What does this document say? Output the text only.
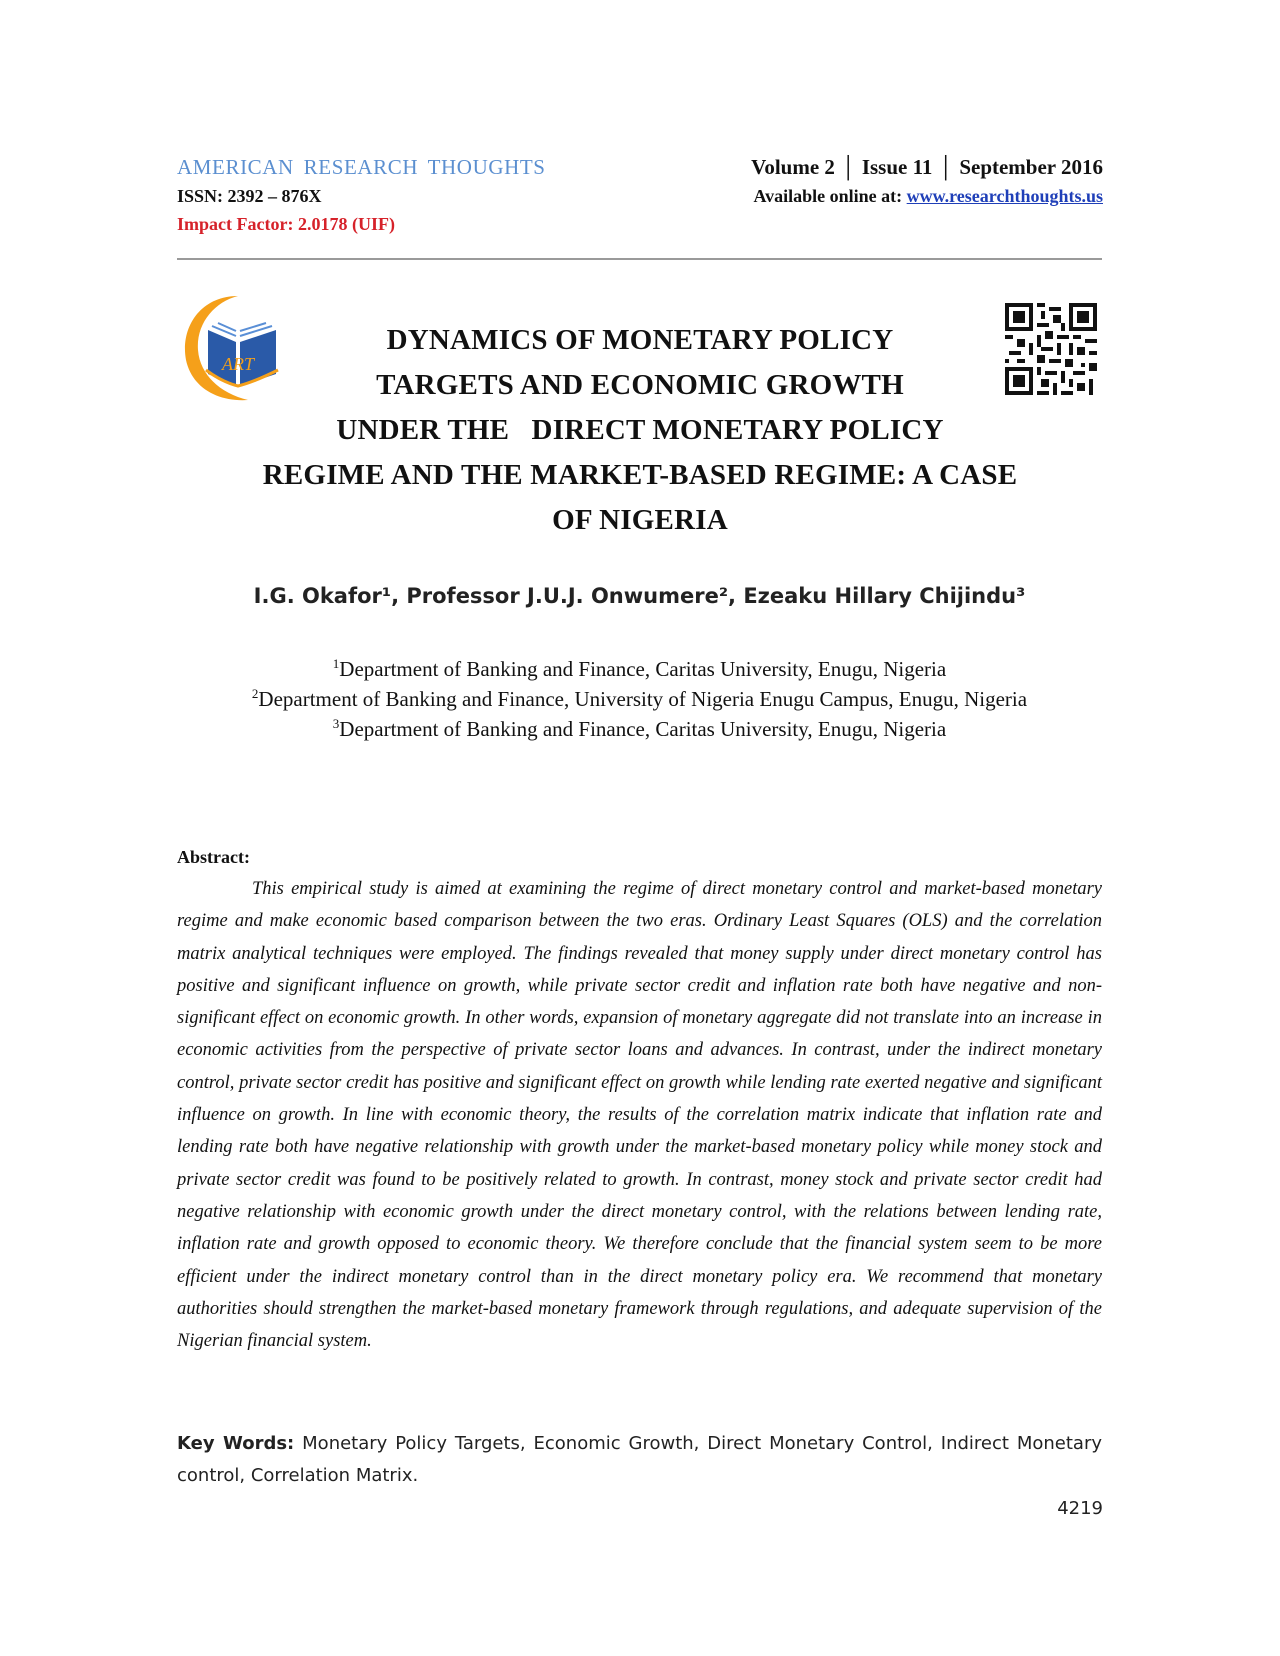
AMERICAN RESEARCH THOUGHTS	Volume 2 │ Issue 11 │ September 2016
ISSN: 2392 – 876X	Available online at: www.researchthoughts.us
Impact Factor: 2.0178 (UIF)
ART
DYNAMICS OF MONETARY POLICY
TARGETS AND ECONOMIC GROWTH
UNDER THE   DIRECT MONETARY POLICY
REGIME AND THE MARKET-BASED REGIME: A CASE
OF NIGERIA
I.G. Okafor¹, Professor J.U.J. Onwumere², Ezeaku Hillary Chijindu³
$^1$Department of Banking and Finance, Caritas University, Enugu, Nigeria
$^2$Department of Banking and Finance, University of Nigeria Enugu Campus, Enugu, Nigeria
$^3$Department of Banking and Finance, Caritas University, Enugu, Nigeria
Abstract:
This empirical study is aimed at examining the regime of direct monetary control and market-based monetary regime and make economic based comparison between the two eras. Ordinary Least Squares (OLS) and the correlation matrix analytical techniques were employed. The findings revealed that money supply under direct monetary control has positive and significant influence on growth, while private sector credit and inflation rate both have negative and non-significant effect on economic growth. In other words, expansion of monetary aggregate did not translate into an increase in economic activities from the perspective of private sector loans and advances. In contrast, under the indirect monetary control, private sector credit has positive and significant effect on growth while lending rate exerted negative and significant influence on growth. In line with economic theory, the results of the correlation matrix indicate that inflation rate and lending rate both have negative relationship with growth under the market-based monetary policy while money stock and private sector credit was found to be positively related to growth. In contrast, money stock and private sector credit had negative relationship with economic growth under the direct monetary control, with the relations between lending rate, inflation rate and growth opposed to economic theory. We therefore conclude that the financial system seem to be more efficient under the indirect monetary control than in the direct monetary policy era. We recommend that monetary authorities should strengthen the market-based monetary framework through regulations, and adequate supervision of the Nigerian financial system.
Key Words: Monetary Policy Targets, Economic Growth, Direct Monetary Control, Indirect Monetary control, Correlation Matrix.
4219
